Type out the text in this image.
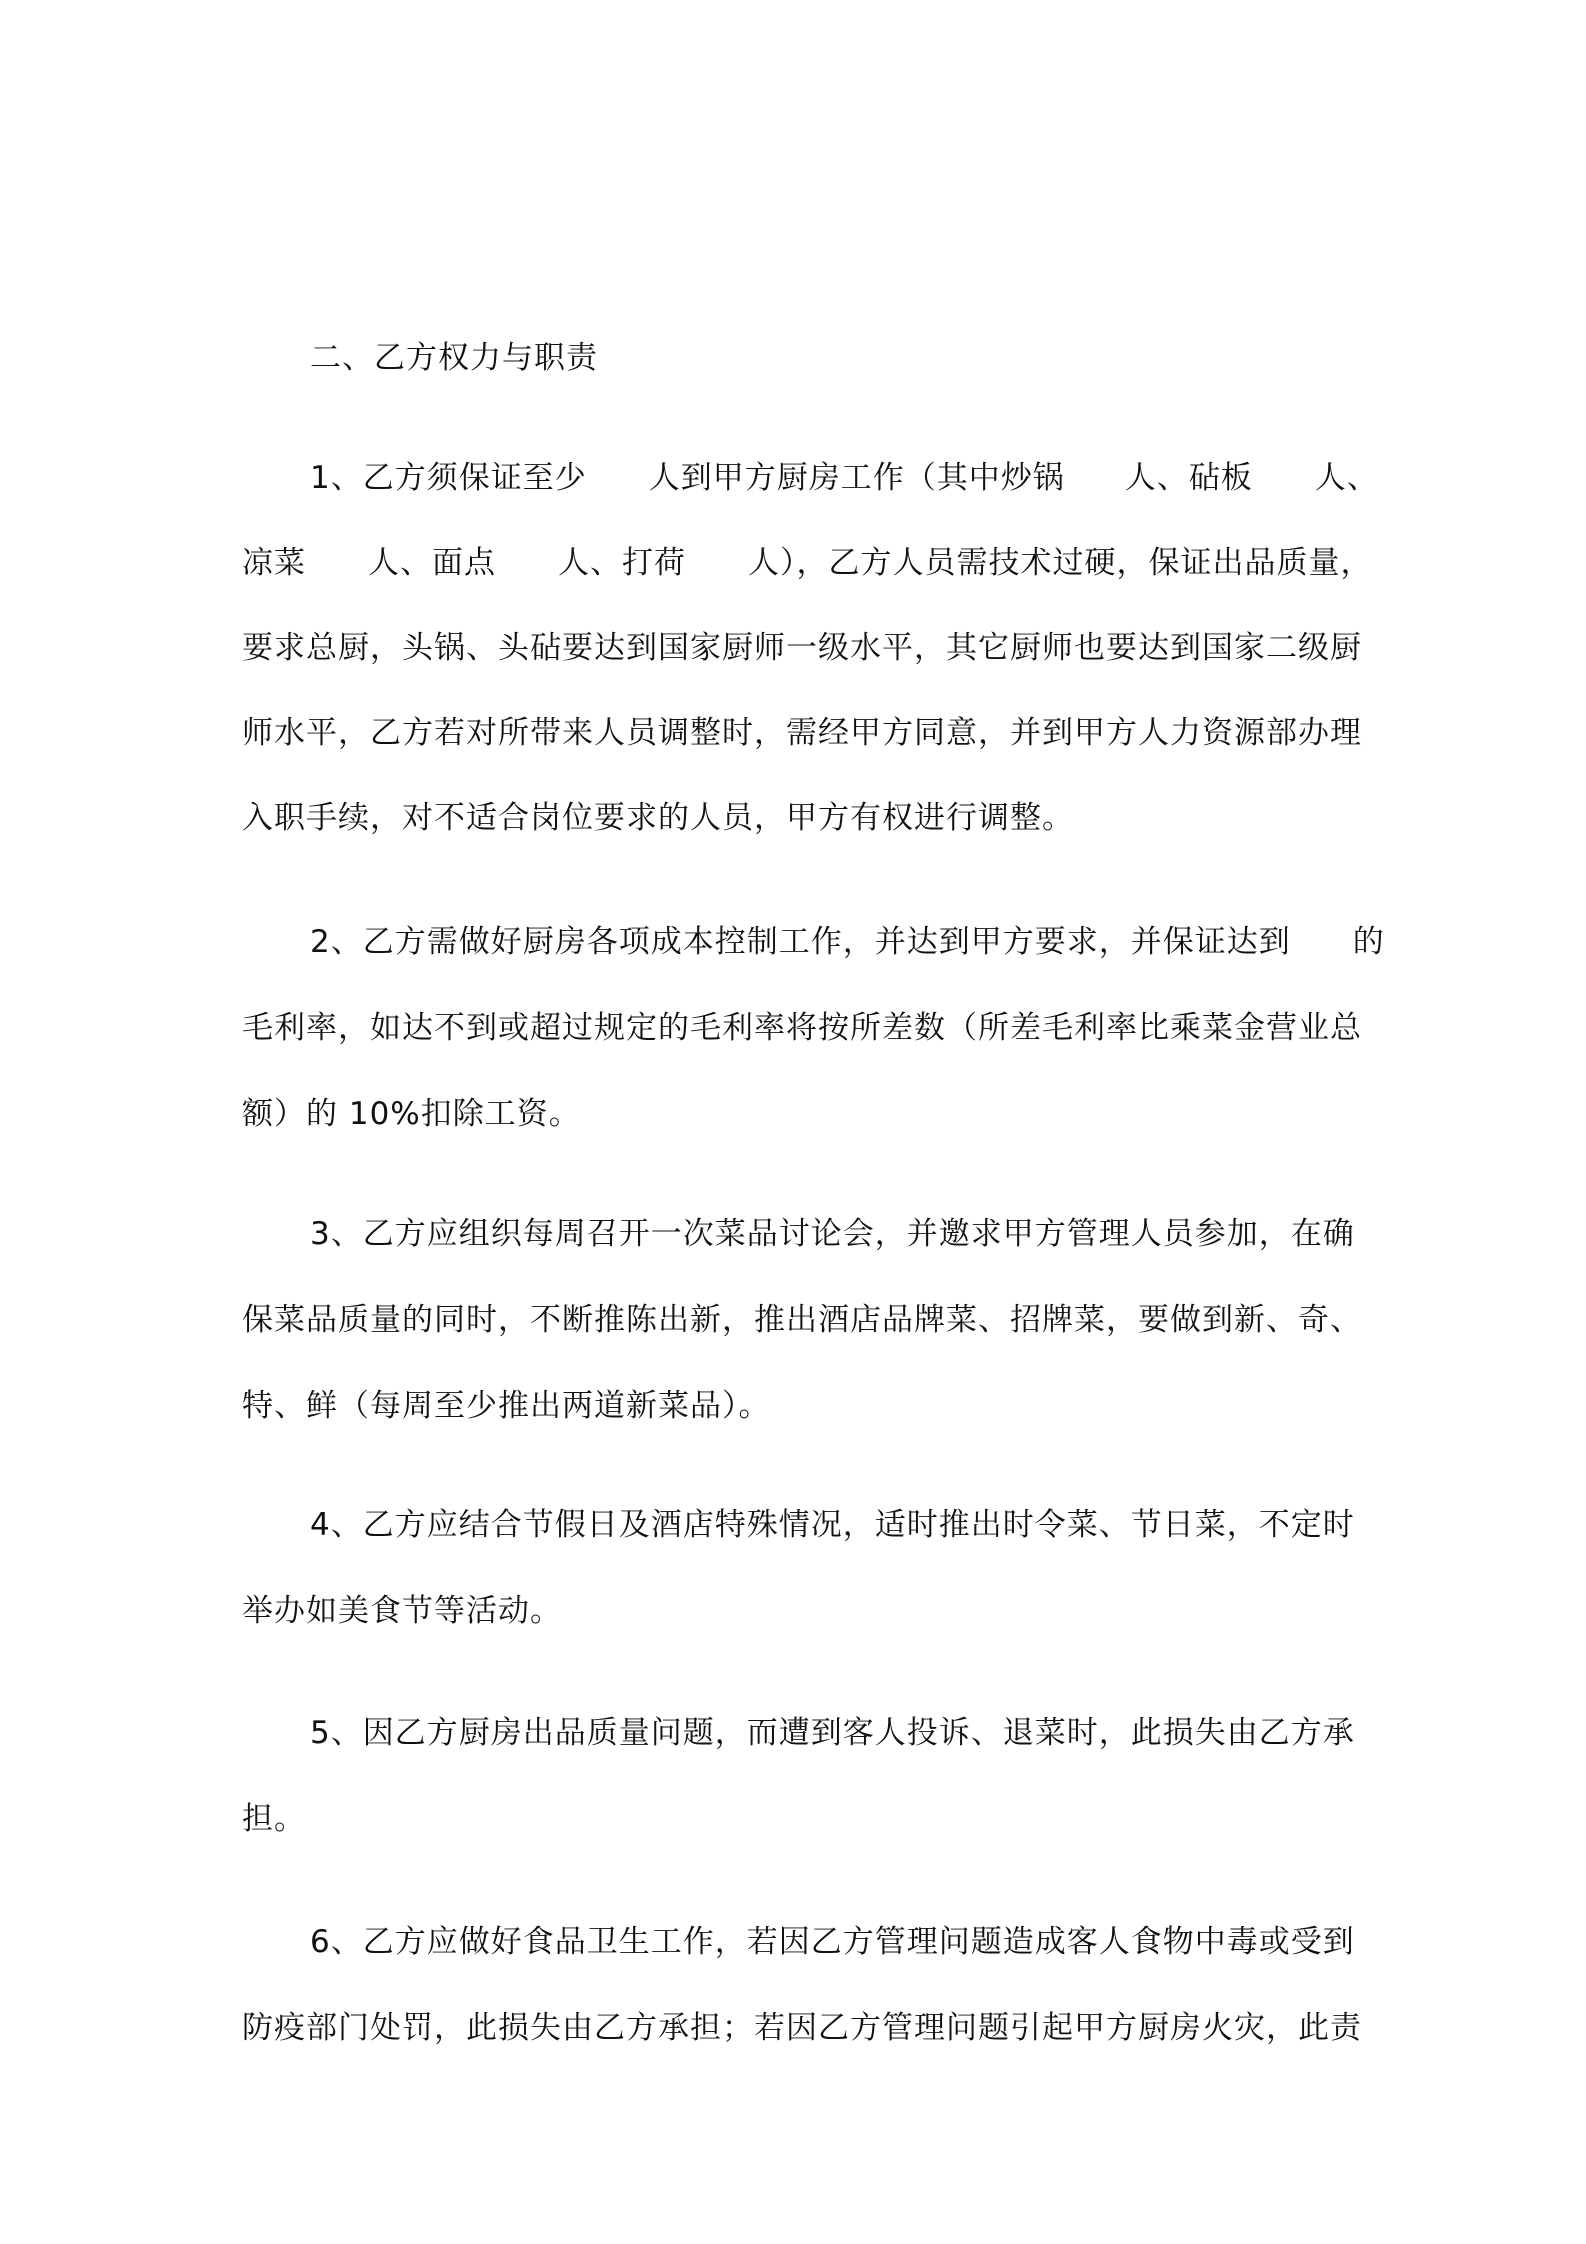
二、乙方权力与职责
1、乙方须保证至少 人到甲方厨房工作（其中炒锅 人、砧板 人、
凉菜 人、面点 人、打荷 人），乙方人员需技术过硬，保证出品质量，
要求总厨，头锅、头砧要达到国家厨师一级水平，其它厨师也要达到国家二级厨
师水平，乙方若对所带来人员调整时，需经甲方同意，并到甲方人力资源部办理
入职手续，对不适合岗位要求的人员，甲方有权进行调整。
2、乙方需做好厨房各项成本控制工作，并达到甲方要求，并保证达到 的
毛利率，如达不到或超过规定的毛利率将按所差数（所差毛利率比乘菜金营业总
额）的 10%扣除工资。
3、乙方应组织每周召开一次菜品讨论会，并邀求甲方管理人员参加，在确
保菜品质量的同时，不断推陈出新，推出酒店品牌菜、招牌菜，要做到新、奇、
特、鲜（每周至少推出两道新菜品）。
4、乙方应结合节假日及酒店特殊情况，适时推出时令菜、节日菜，不定时
举办如美食节等活动。
5、因乙方厨房出品质量问题，而遭到客人投诉、退菜时，此损失由乙方承
担。
6、乙方应做好食品卫生工作，若因乙方管理问题造成客人食物中毒或受到
防疫部门处罚，此损失由乙方承担；若因乙方管理问题引起甲方厨房火灾，此责
